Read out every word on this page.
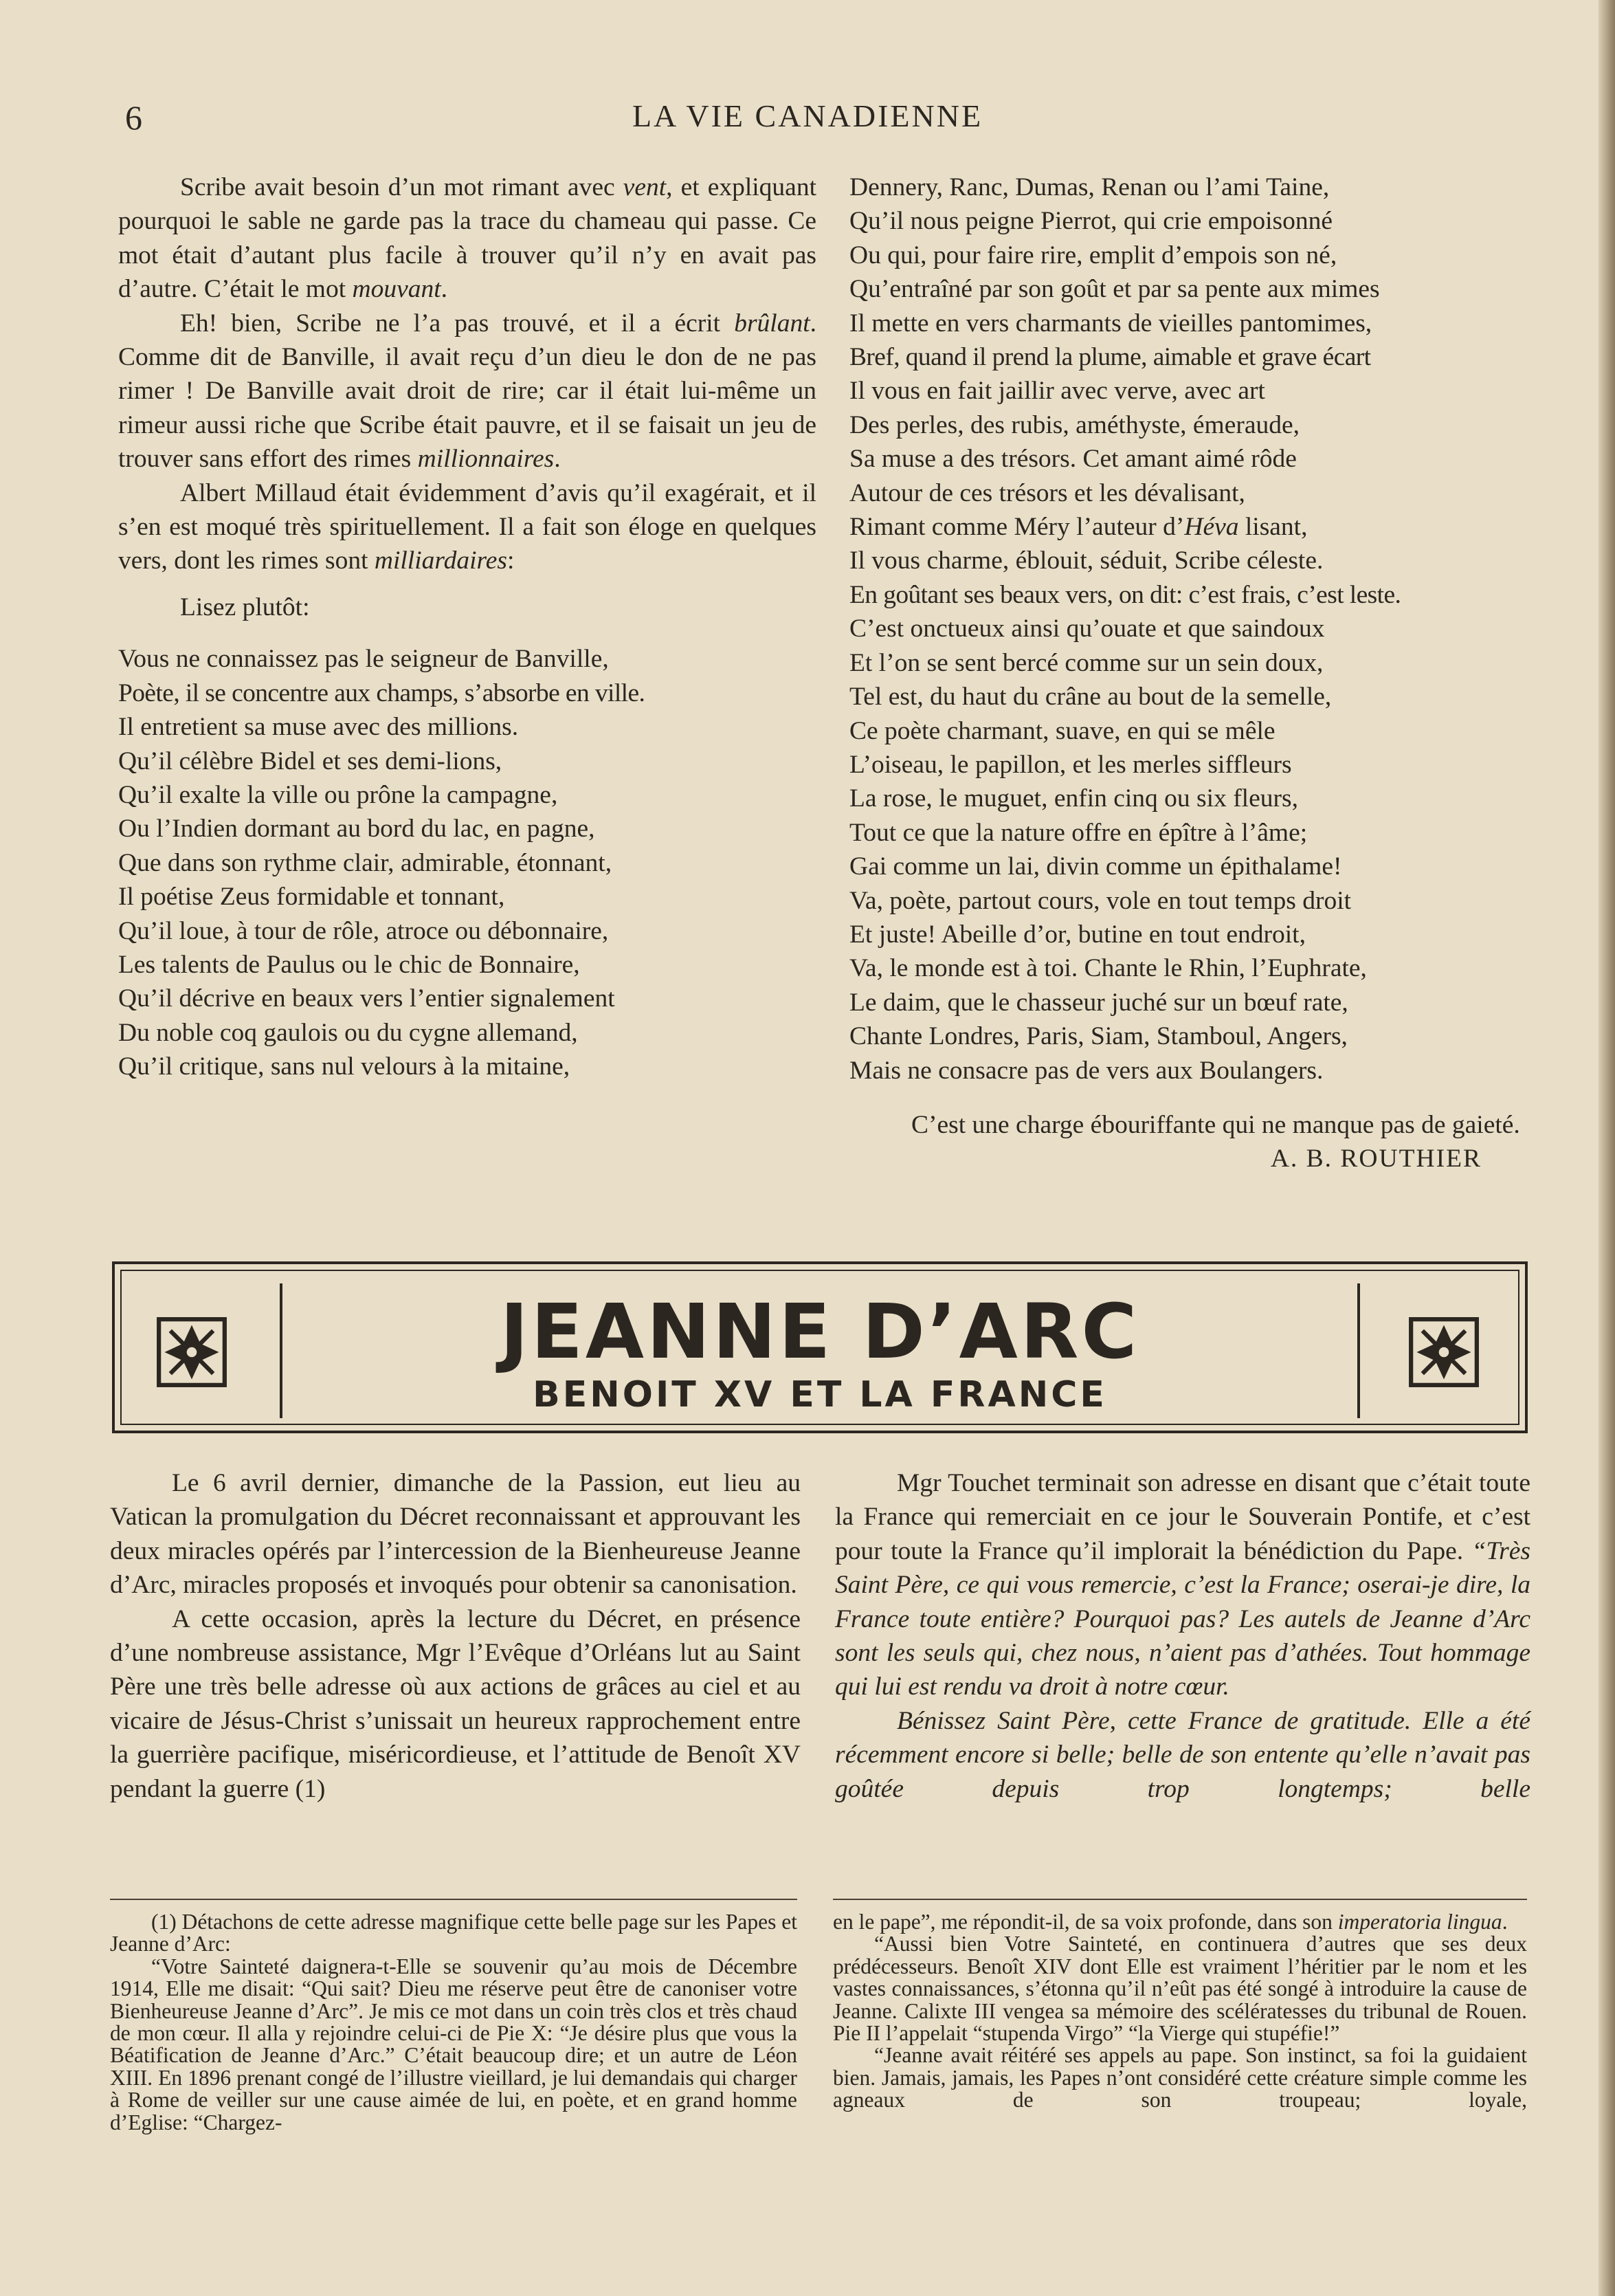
6	LA VIE CANADIENNE

Scribe avait besoin d’un mot rimant avec vent, et expliquant pourquoi le sable ne garde pas la trace du chameau qui passe. Ce mot était d’autant plus facile à trouver qu’il n’y en avait pas d’autre. C’était le mot mouvant.

Eh! bien, Scribe ne l’a pas trouvé, et il a écrit brûlant. Comme dit de Banville, il avait reçu d’un dieu le don de ne pas rimer ! De Banville avait droit de rire; car il était lui-même un rimeur aussi riche que Scribe était pauvre, et il se faisait un jeu de trouver sans effort des rimes millionnaires.

Albert Millaud était évidemment d’avis qu’il exagérait, et il s’en est moqué très spirituellement. Il a fait son éloge en quelques vers, dont les rimes sont milliardaires:

Lisez plutôt:

Vous ne connaissez pas le seigneur de Banville,

Poète, il se concentre aux champs, s’absorbe en ville.

Il entretient sa muse avec des millions.

Qu’il célèbre Bidel et ses demi-lions,

Qu’il exalte la ville ou prône la campagne,

Ou l’Indien dormant au bord du lac, en pagne,

Que dans son rythme clair, admirable, étonnant,

Il poétise Zeus formidable et tonnant,

Qu’il loue, à tour de rôle, atroce ou débonnaire,

Les talents de Paulus ou le chic de Bonnaire,

Qu’il décrive en beaux vers l’entier signalement

Du noble coq gaulois ou du cygne allemand,

Qu’il critique, sans nul velours à la mitaine,

Dennery, Ranc, Dumas, Renan ou l’ami Taine,

Qu’il nous peigne Pierrot, qui crie empoisonné

Ou qui, pour faire rire, emplit d’empois son né,

Qu’entraîné par son goût et par sa pente aux mimes

Il mette en vers charmants de vieilles pantomimes,

Bref, quand il prend la plume, aimable et grave écart

Il vous en fait jaillir avec verve, avec art

Des perles, des rubis, améthyste, émeraude,

Sa muse a des trésors. Cet amant aimé rôde

Autour de ces trésors et les dévalisant,

Rimant comme Méry l’auteur d’Héva lisant,

Il vous charme, éblouit, séduit, Scribe céleste.

En goûtant ses beaux vers, on dit: c’est frais, c’est leste.

C’est onctueux ainsi qu’ouate et que saindoux

Et l’on se sent bercé comme sur un sein doux,

Tel est, du haut du crâne au bout de la semelle,

Ce poète charmant, suave, en qui se mêle

L’oiseau, le papillon, et les merles siffleurs

La rose, le muguet, enfin cinq ou six fleurs,

Tout ce que la nature offre en épître à l’âme;

Gai comme un lai, divin comme un épithalame!

Va, poète, partout cours, vole en tout temps droit

Et juste! Abeille d’or, butine en tout endroit,

Va, le monde est à toi. Chante le Rhin, l’Euphrate,

Le daim, que le chasseur juché sur un bœuf rate,

Chante Londres, Paris, Siam, Stamboul, Angers,

Mais ne consacre pas de vers aux Boulangers.

C’est une charge ébouriffante qui ne manque pas de gaieté.

A. B. ROUTHIER

JEANNE D’ARC
BENOIT XV ET LA FRANCE

Le 6 avril dernier, dimanche de la Passion, eut lieu au Vatican la promulgation du Décret reconnaissant et approuvant les deux miracles opérés par l’intercession de la Bienheureuse Jeanne d’Arc, miracles proposés et invoqués pour obtenir sa canonisation.

A cette occasion, après la lecture du Décret, en présence d’une nombreuse assistance, Mgr l’Evêque d’Orléans lut au Saint Père une très belle adresse où aux actions de grâces au ciel et au vicaire de Jésus-Christ s’unissait un heureux rapprochement entre la guerrière pacifique, miséricordieuse, et l’attitude de Benoît XV pendant la guerre (1)

Mgr Touchet terminait son adresse en disant que c’était toute la France qui remerciait en ce jour le Souverain Pontife, et c’est pour toute la France qu’il implorait la bénédiction du Pape. “Très Saint Père, ce qui vous remercie, c’est la France; oserai-je dire, la France toute entière? Pourquoi pas? Les autels de Jeanne d’Arc sont les seuls qui, chez nous, n’aient pas d’athées. Tout hommage qui lui est rendu va droit à notre cœur.

Bénissez Saint Père, cette France de gratitude. Elle a été récemment encore si belle; belle de son entente qu’elle n’avait pas goûtée depuis trop longtemps; belle

(1) Détachons de cette adresse magnifique cette belle page sur les Papes et Jeanne d’Arc:

“Votre Sainteté daignera-t-Elle se souvenir qu’au mois de Décembre 1914, Elle me disait: “Qui sait? Dieu me réserve peut être de canoniser votre Bienheureuse Jeanne d’Arc”. Je mis ce mot dans un coin très clos et très chaud de mon cœur. Il alla y rejoindre celui-ci de Pie X: “Je désire plus que vous la Béatification de Jeanne d’Arc.” C’était beaucoup dire; et un autre de Léon XIII. En 1896 prenant congé de l’illustre vieillard, je lui demandais qui charger à Rome de veiller sur une cause aimée de lui, en poète, et en grand homme d’Eglise: “Chargez-

en le pape”, me répondit-il, de sa voix profonde, dans son imperatoria lingua.

“Aussi bien Votre Sainteté, en continuera d’autres que ses deux prédécesseurs. Benoît XIV dont Elle est vraiment l’héritier par le nom et les vastes connaissances, s’étonna qu’il n’eût pas été songé à introduire la cause de Jeanne. Calixte III vengea sa mémoire des scélératesses du tribunal de Rouen. Pie II l’appelait “stupenda Virgo” “la Vierge qui stupéfie!”

“Jeanne avait réitéré ses appels au pape. Son instinct, sa foi la guidaient bien. Jamais, jamais, les Papes n’ont considéré cette créature simple comme les agneaux de son troupeau; loyale,
